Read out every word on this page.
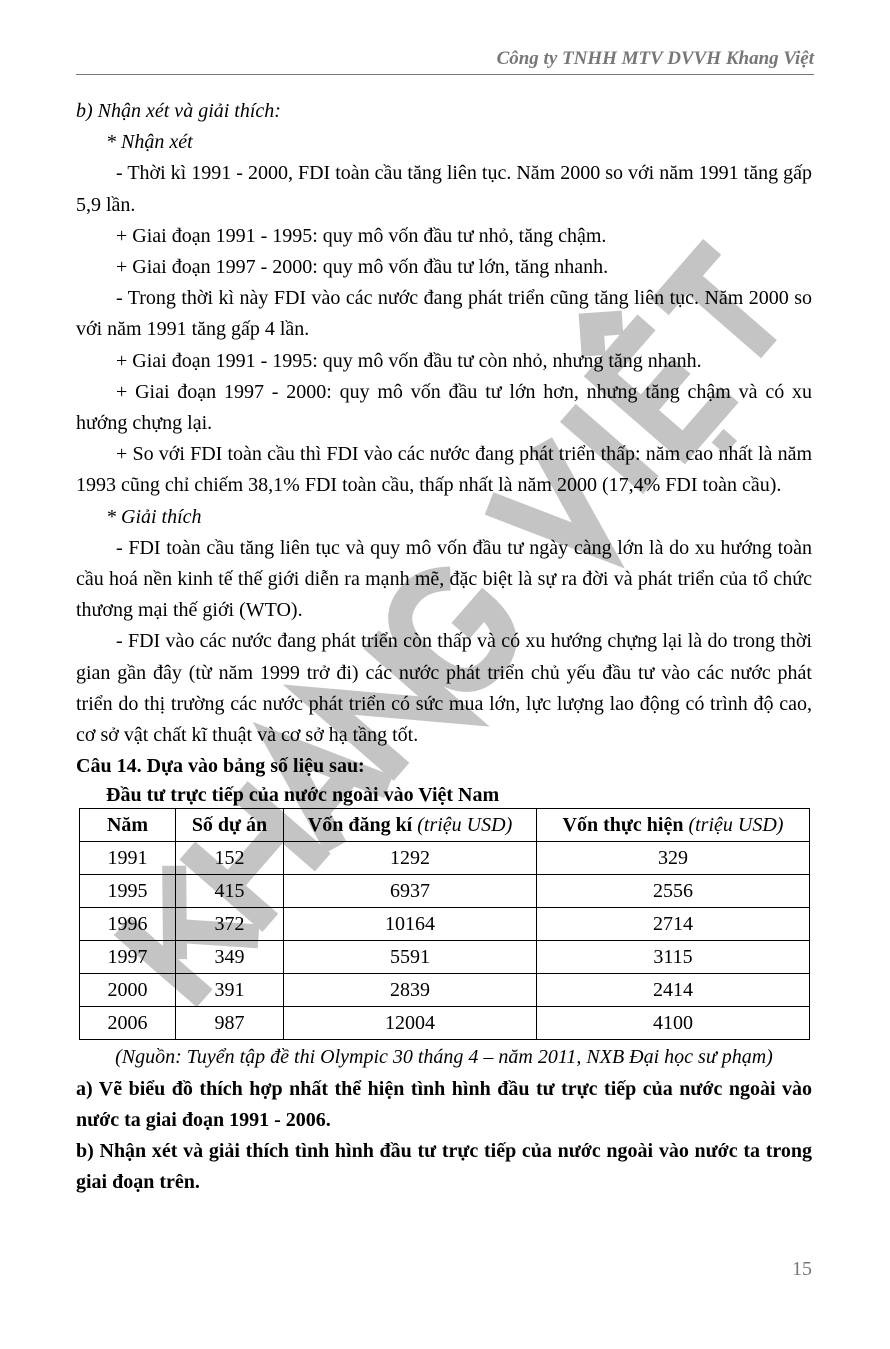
Công ty TNHH MTV DVVH Khang Việt

b) Nhận xét và giải thích:

* Nhận xét

- Thời kì 1991 - 2000, FDI toàn cầu tăng liên tục. Năm 2000 so với năm 1991 tăng gấp 5,9 lần.

+ Giai đoạn 1991 - 1995: quy mô vốn đầu tư nhỏ, tăng chậm.

+ Giai đoạn 1997 - 2000: quy mô vốn đầu tư lớn, tăng nhanh.

- Trong thời kì này FDI vào các nước đang phát triển cũng tăng liên tục. Năm 2000 so với năm 1991 tăng gấp 4 lần.

+ Giai đoạn 1991 - 1995: quy mô vốn đầu tư còn nhỏ, nhưng tăng nhanh.

+ Giai đoạn 1997 - 2000: quy mô vốn đầu tư lớn hơn, nhưng tăng chậm và có xu hướng chựng lại.

+ So với FDI toàn cầu thì FDI vào các nước đang phát triển thấp: năm cao nhất là năm 1993 cũng chỉ chiếm 38,1% FDI toàn cầu, thấp nhất là năm 2000 (17,4% FDI toàn cầu).

* Giải thích

- FDI toàn cầu tăng liên tục và quy mô vốn đầu tư ngày càng lớn là do xu hướng toàn cầu hoá nền kinh tế thế giới diễn ra mạnh mẽ, đặc biệt là sự ra đời và phát triển của tổ chức thương mại thế giới (WTO).

- FDI vào các nước đang phát triển còn thấp và có xu hướng chựng lại là do trong thời gian gần đây (từ năm 1999 trở đi) các nước phát triển chủ yếu đầu tư vào các nước phát triển do thị trường các nước phát triển có sức mua lớn, lực lượng lao động có trình độ cao, cơ sở vật chất kĩ thuật và cơ sở hạ tầng tốt.

Câu 14. Dựa vào bảng số liệu sau:

Đầu tư trực tiếp của nước ngoài vào Việt Nam

Năm	Số dự án	Vốn đăng kí (triệu USD)	Vốn thực hiện (triệu USD)
1991	152	1292	329
1995	415	6937	2556
1996	372	10164	2714
1997	349	5591	3115
2000	391	2839	2414
2006	987	12004	4100

(Nguồn: Tuyển tập đề thi Olympic 30 tháng 4 – năm 2011, NXB Đại học sư phạm)

a) Vẽ biểu đồ thích hợp nhất thể hiện tình hình đầu tư trực tiếp của nước ngoài vào nước ta giai đoạn 1991 - 2006.

b) Nhận xét và giải thích tình hình đầu tư trực tiếp của nước ngoài vào nước ta trong giai đoạn trên.

15
